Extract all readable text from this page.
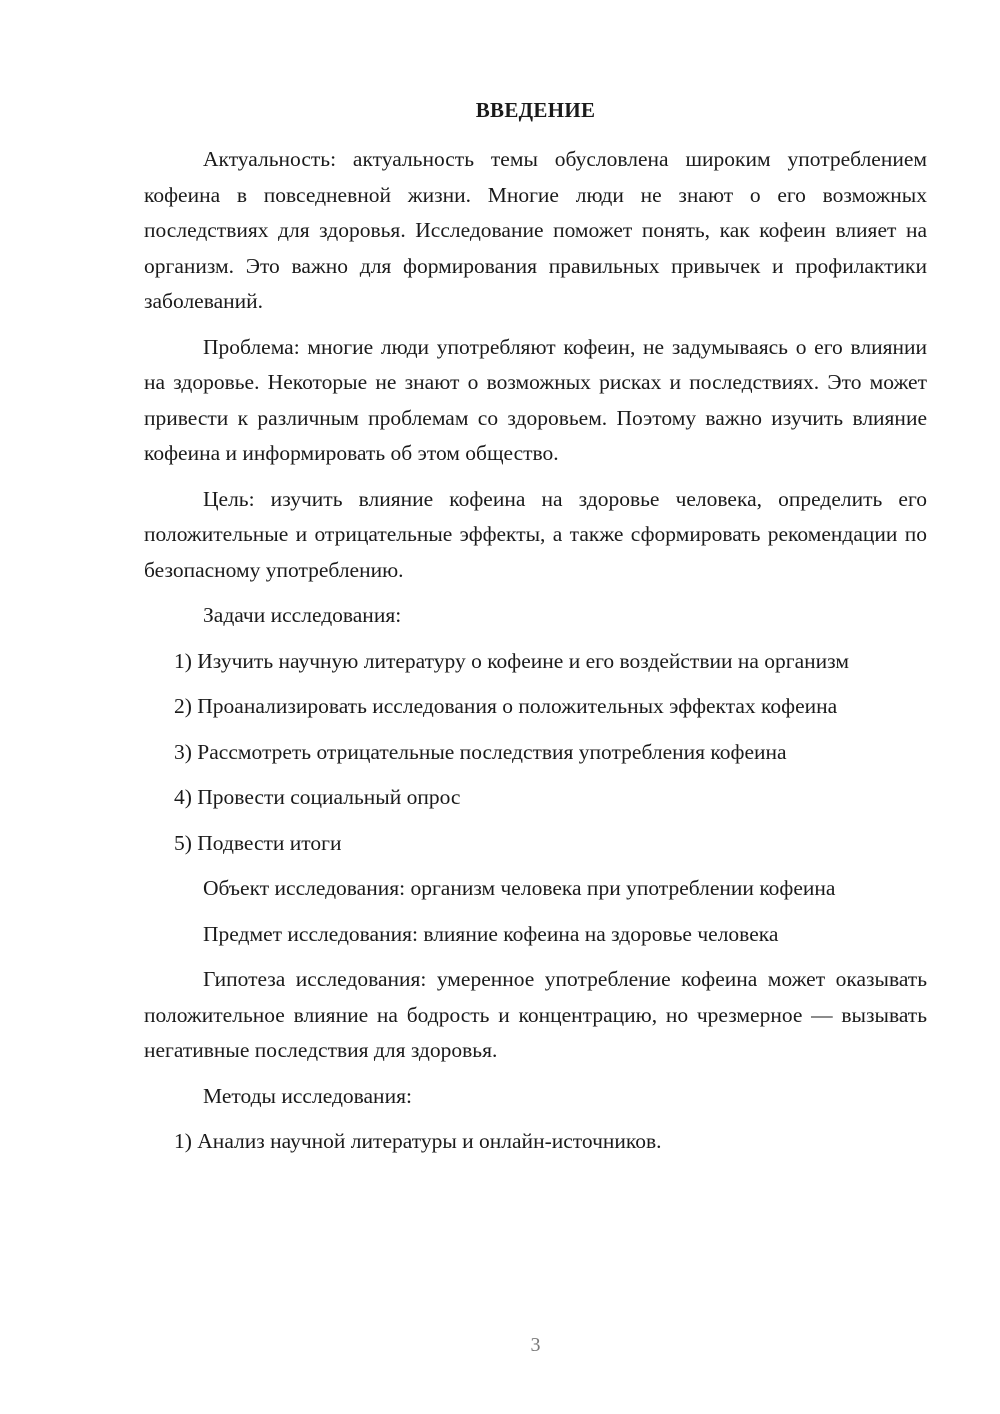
ВВЕДЕНИЕ

Актуальность: актуальность темы обусловлена широким употреблением кофеина в повседневной жизни. Многие люди не знают о его возможных последствиях для здоровья. Исследование поможет понять, как кофеин влияет на организм. Это важно для формирования правильных привычек и профилактики заболеваний.

Проблема: многие люди употребляют кофеин, не задумываясь о его влиянии на здоровье. Некоторые не знают о возможных рисках и последствиях. Это может привести к различным проблемам со здоровьем. Поэтому важно изучить влияние кофеина и информировать об этом общество.

Цель: изучить влияние кофеина на здоровье человека, определить его положительные и отрицательные эффекты, а также сформировать рекомендации по безопасному употреблению.

Задачи исследования:

1) Изучить научную литературу о кофеине и его воздействии на организм

2) Проанализировать исследования о положительных эффектах кофеина

3) Рассмотреть отрицательные последствия употребления кофеина

4) Провести социальный опрос

5) Подвести итоги

Объект исследования: организм человека при употреблении кофеина

Предмет исследования: влияние кофеина на здоровье человека

Гипотеза исследования: умеренное употребление кофеина может оказывать положительное влияние на бодрость и концентрацию, но чрезмерное — вызывать негативные последствия для здоровья.

Методы исследования:

1) Анализ научной литературы и онлайн-источников.

3
